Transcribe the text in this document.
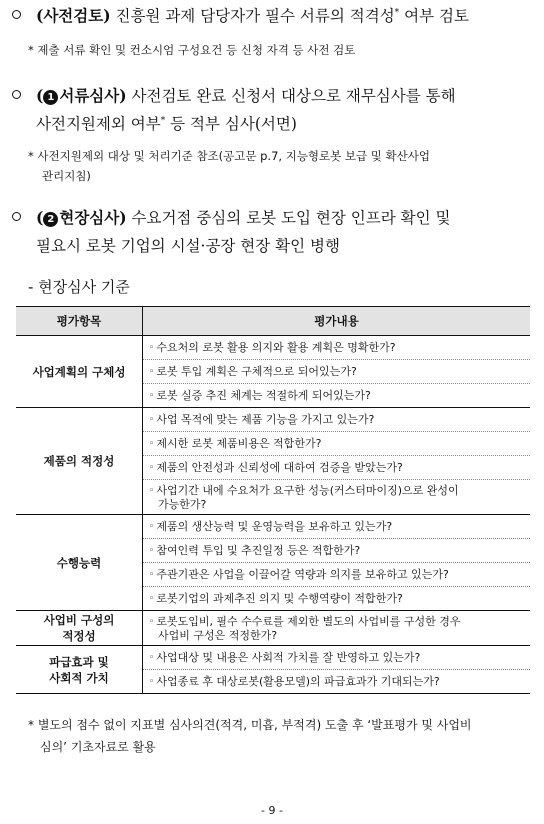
(사전검토) 진흥원 과제 담당자가 필수 서류의 적격성* 여부 검토
* 제출 서류 확인 및 컨소시엄 구성요건 등 신청 자격 등 사전 검토
( 1 서류심사) 사전검토 완료 신청서 대상으로 재무심사를 통해
사전지원제외 여부* 등 적부 심사(서면)
* 사전지원제외 대상 및 처리기준 참조(공고문 p.7, 지능형로봇 보급 및 확산사업
관리지침)
( 2 현장심사) 수요거점 중심의 로봇 도입 현장 인프라 확인 및
필요시 로봇 기업의 시설·공장 현장 확인 병행
- 현장심사 기준
평가항목	평가내용
사업계획의 구체성	◦ 수요처의 로봇 활용 의지와 활용 계획은 명확한가?
	◦ 로봇 투입 계획은 구체적으로 되어있는가?
	◦ 로봇 실증 추진 체계는 적절하게 되어있는가?
제품의 적정성	◦ 사업 목적에 맞는 제품 기능을 가지고 있는가?
	◦ 제시한 로봇 제품비용은 적합한가?
	◦ 제품의 안전성과 신뢰성에 대하여 검증을 받았는가?
	◦ 사업기간 내에 수요처가 요구한 성능(커스터마이징)으로 완성이
가능한가?
수행능력	◦ 제품의 생산능력 및 운영능력을 보유하고 있는가?
	◦ 참여인력 투입 및 추진일정 등은 적합한가?
	◦ 주관기관은 사업을 이끌어갈 역량과 의지를 보유하고 있는가?
	◦ 로봇기업의 과제추진 의지 및 수행역량이 적합한가?
사업비 구성의
적정성	◦ 로봇도입비, 필수 수수료를 제외한 별도의 사업비를 구성한 경우
사업비 구성은 적정한가?
파급효과 및
사회적 가치	◦ 사업대상 및 내용은 사회적 가치를 잘 반영하고 있는가?
	◦ 사업종료 후 대상로봇(활용모델)의 파급효과가 기대되는가?
* 별도의 점수 없이 지표별 심사의견(적격, 미흡, 부적격) 도출 후 ‘발표평가 및 사업비
심의’ 기초자료로 활용
- 9 -
